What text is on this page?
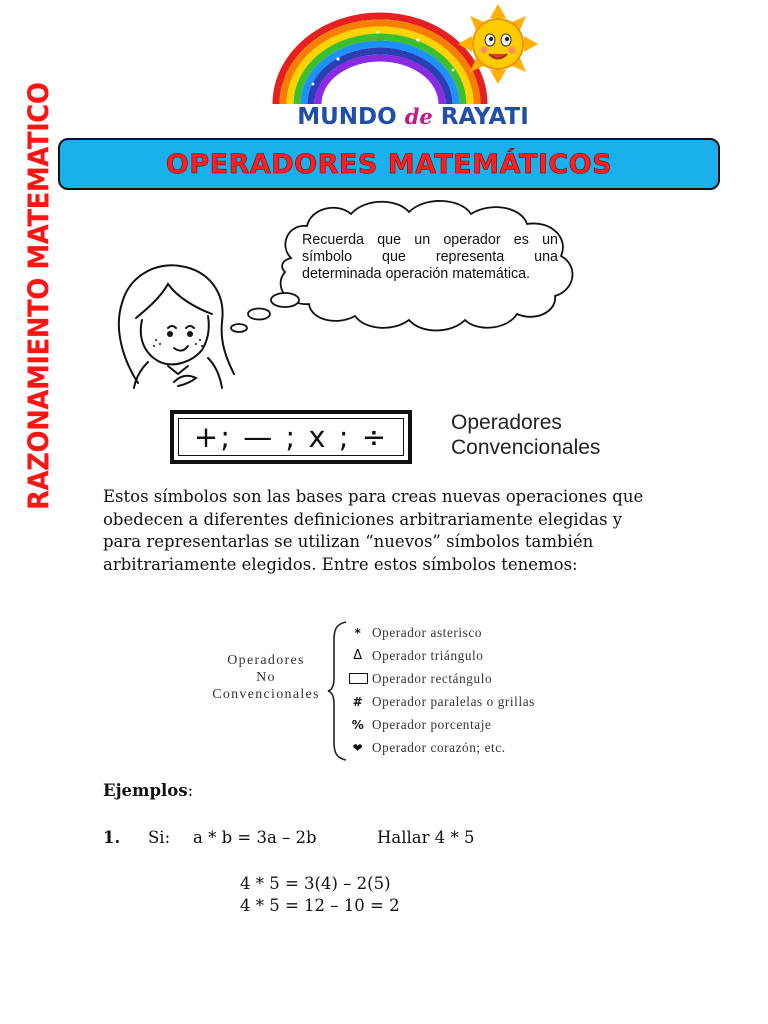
MUNDO de RAYATI
OPERADORES MATEMÁTICOS
RAZONAMIENTO MATEMATICO	Recuerda que un operador es un
símbolo que representa una
determinada operación matemática.
+; — ; x ; ÷	Operadores
Convencionales
Estos símbolos son las bases para creas nuevas operaciones que
obedecen a diferentes definiciones arbitrariamente elegidas y
para representarlas se utilizan “nuevos” símbolos también
arbitrariamente elegidos. Entre estos símbolos tenemos:
Operadores
No
Convencionales
* Operador asterisco
Δ Operador triángulo
Operador rectángulo
# Operador paralelas o grillas
% Operador porcentaje
❤ Operador corazón; etc.
Ejemplos:
1. Si: a * b = 3a – 2b	Hallar 4 * 5
4 * 5 = 3(4) – 2(5)
4 * 5 = 12 – 10 = 2
